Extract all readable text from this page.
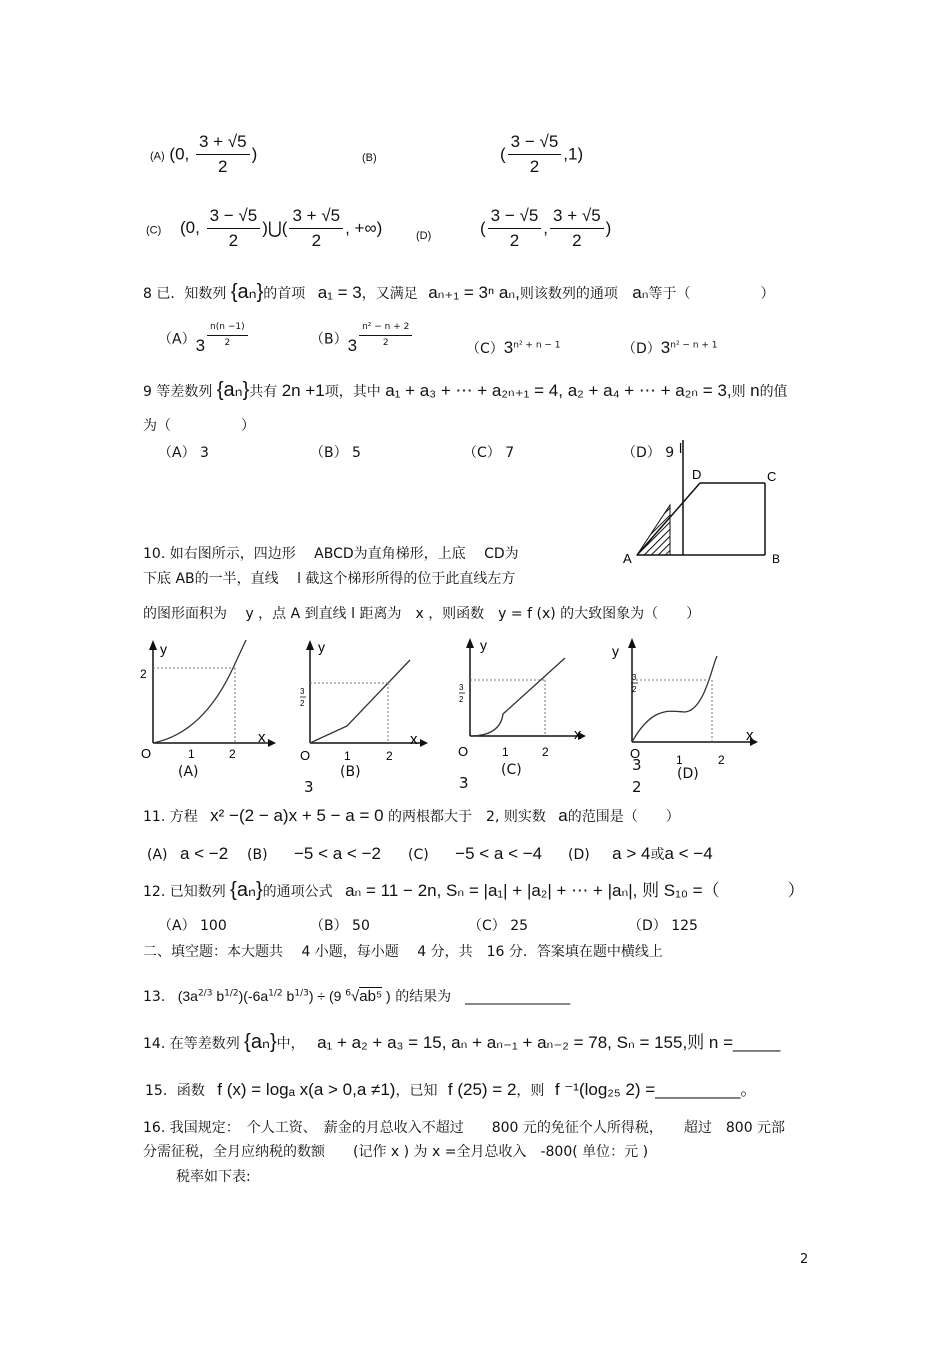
(A) (0, $\frac{3 + √5}{2}$ )	(B)	( $\frac{3 - √5}{2} ,1$)
(C) (0, $\frac{3 - √5}{2}$ )⋃( $\frac{3 + √5}{2}$ , +∞)	(D)	( $\frac{3 - √5}{2}$ , $\frac{3 + √5}{2}$ )
8 已．知数列 {aₙ}的首项 a₁ = 3，又满足 aₙ₊₁ = 3ⁿ aₙ,则该数列的通项 aₙ等于（　　　　　）
$(A)3 \frac{n(n -1)}{2}$	$(B)3 \frac{\text{n² − n + 2}}{2}$
$(C)3^{n^2 + n - 1}$	$(D)3^{n^2 - n + 1}$
9 等差数列 {aₙ}共有 2n +1项，其中 a₁ + a₃ + ⋯ + a₂ₙ₊₁ = 4, a₂ + a₄ + ⋯ + a₂ₙ = 3,则 n的值
为（　　　　　）
（A） 3	（B） 5	（C） 7	（D） 9 l
D	C
A	B
10. 如右图所示，四边形　 ABCD为直角梯形，上底　 CD为
下底 AB的一半，直线　 l 截这个梯形所得的位于此直线左方
的图形面积为　 y ，点 A 到直线 l 距离为　x ，则函数　y = f (x) 的大致图象为（　　）
y
2
x
O	1	2
(A)
y
3
2
x
O	1	2
(B)
y
3
2
x
O	1	2
(C)
y
3
2
x
O	1	2
(D)
3	3
3
2
11. 方程 x² −(2 − a)x + 5 − a = 0 的两根都大于　2, 则实数 a的范围是（　　）
(A) a < −2 (B) −5 < a < −2 (C) −5 < a < −4 (D) a > 4或a < −4
12. 已知数列 {aₙ}的通项公式 aₙ = 11 − 2n, Sₙ = |a₁| + |a₂| + ⋯ + |aₙ|, 则 S₁₀ =（　　　　）
（A） 100	（B） 50	（C） 25	（D） 125
二、填空题：本大题共　 4 小题，每小题　 4 分，共　16 分．答案填在题中横线上
13. ($3a^{2/3}$ $b^{1/2})(-6a^{1/2}$ $b^{1/3}) \div (9$ $^6$√ab⁵ ) 的结果为　_______________
14. 在等差数列 {aₙ}中， a₁ + a₂ + a₃ = 15, aₙ + aₙ₋₁ + aₙ₋₂ = 78, Sₙ = 155,则 n =_____
15．函数 f (x) = logₐ x(a > 0,a ≠1)，已知 f (25) = 2，则 f ⁻¹(log₂₅ 2) =_________。
16. 我国规定：　个人工资、　薪金的月总收入不超过　　800 元的免征个人所得税，　　超过　800 元部
分需征税，全月应纳税的数额　　(记作 x ) 为 x =全月总收入　-800( 单位：元 )
税率如下表:
2
